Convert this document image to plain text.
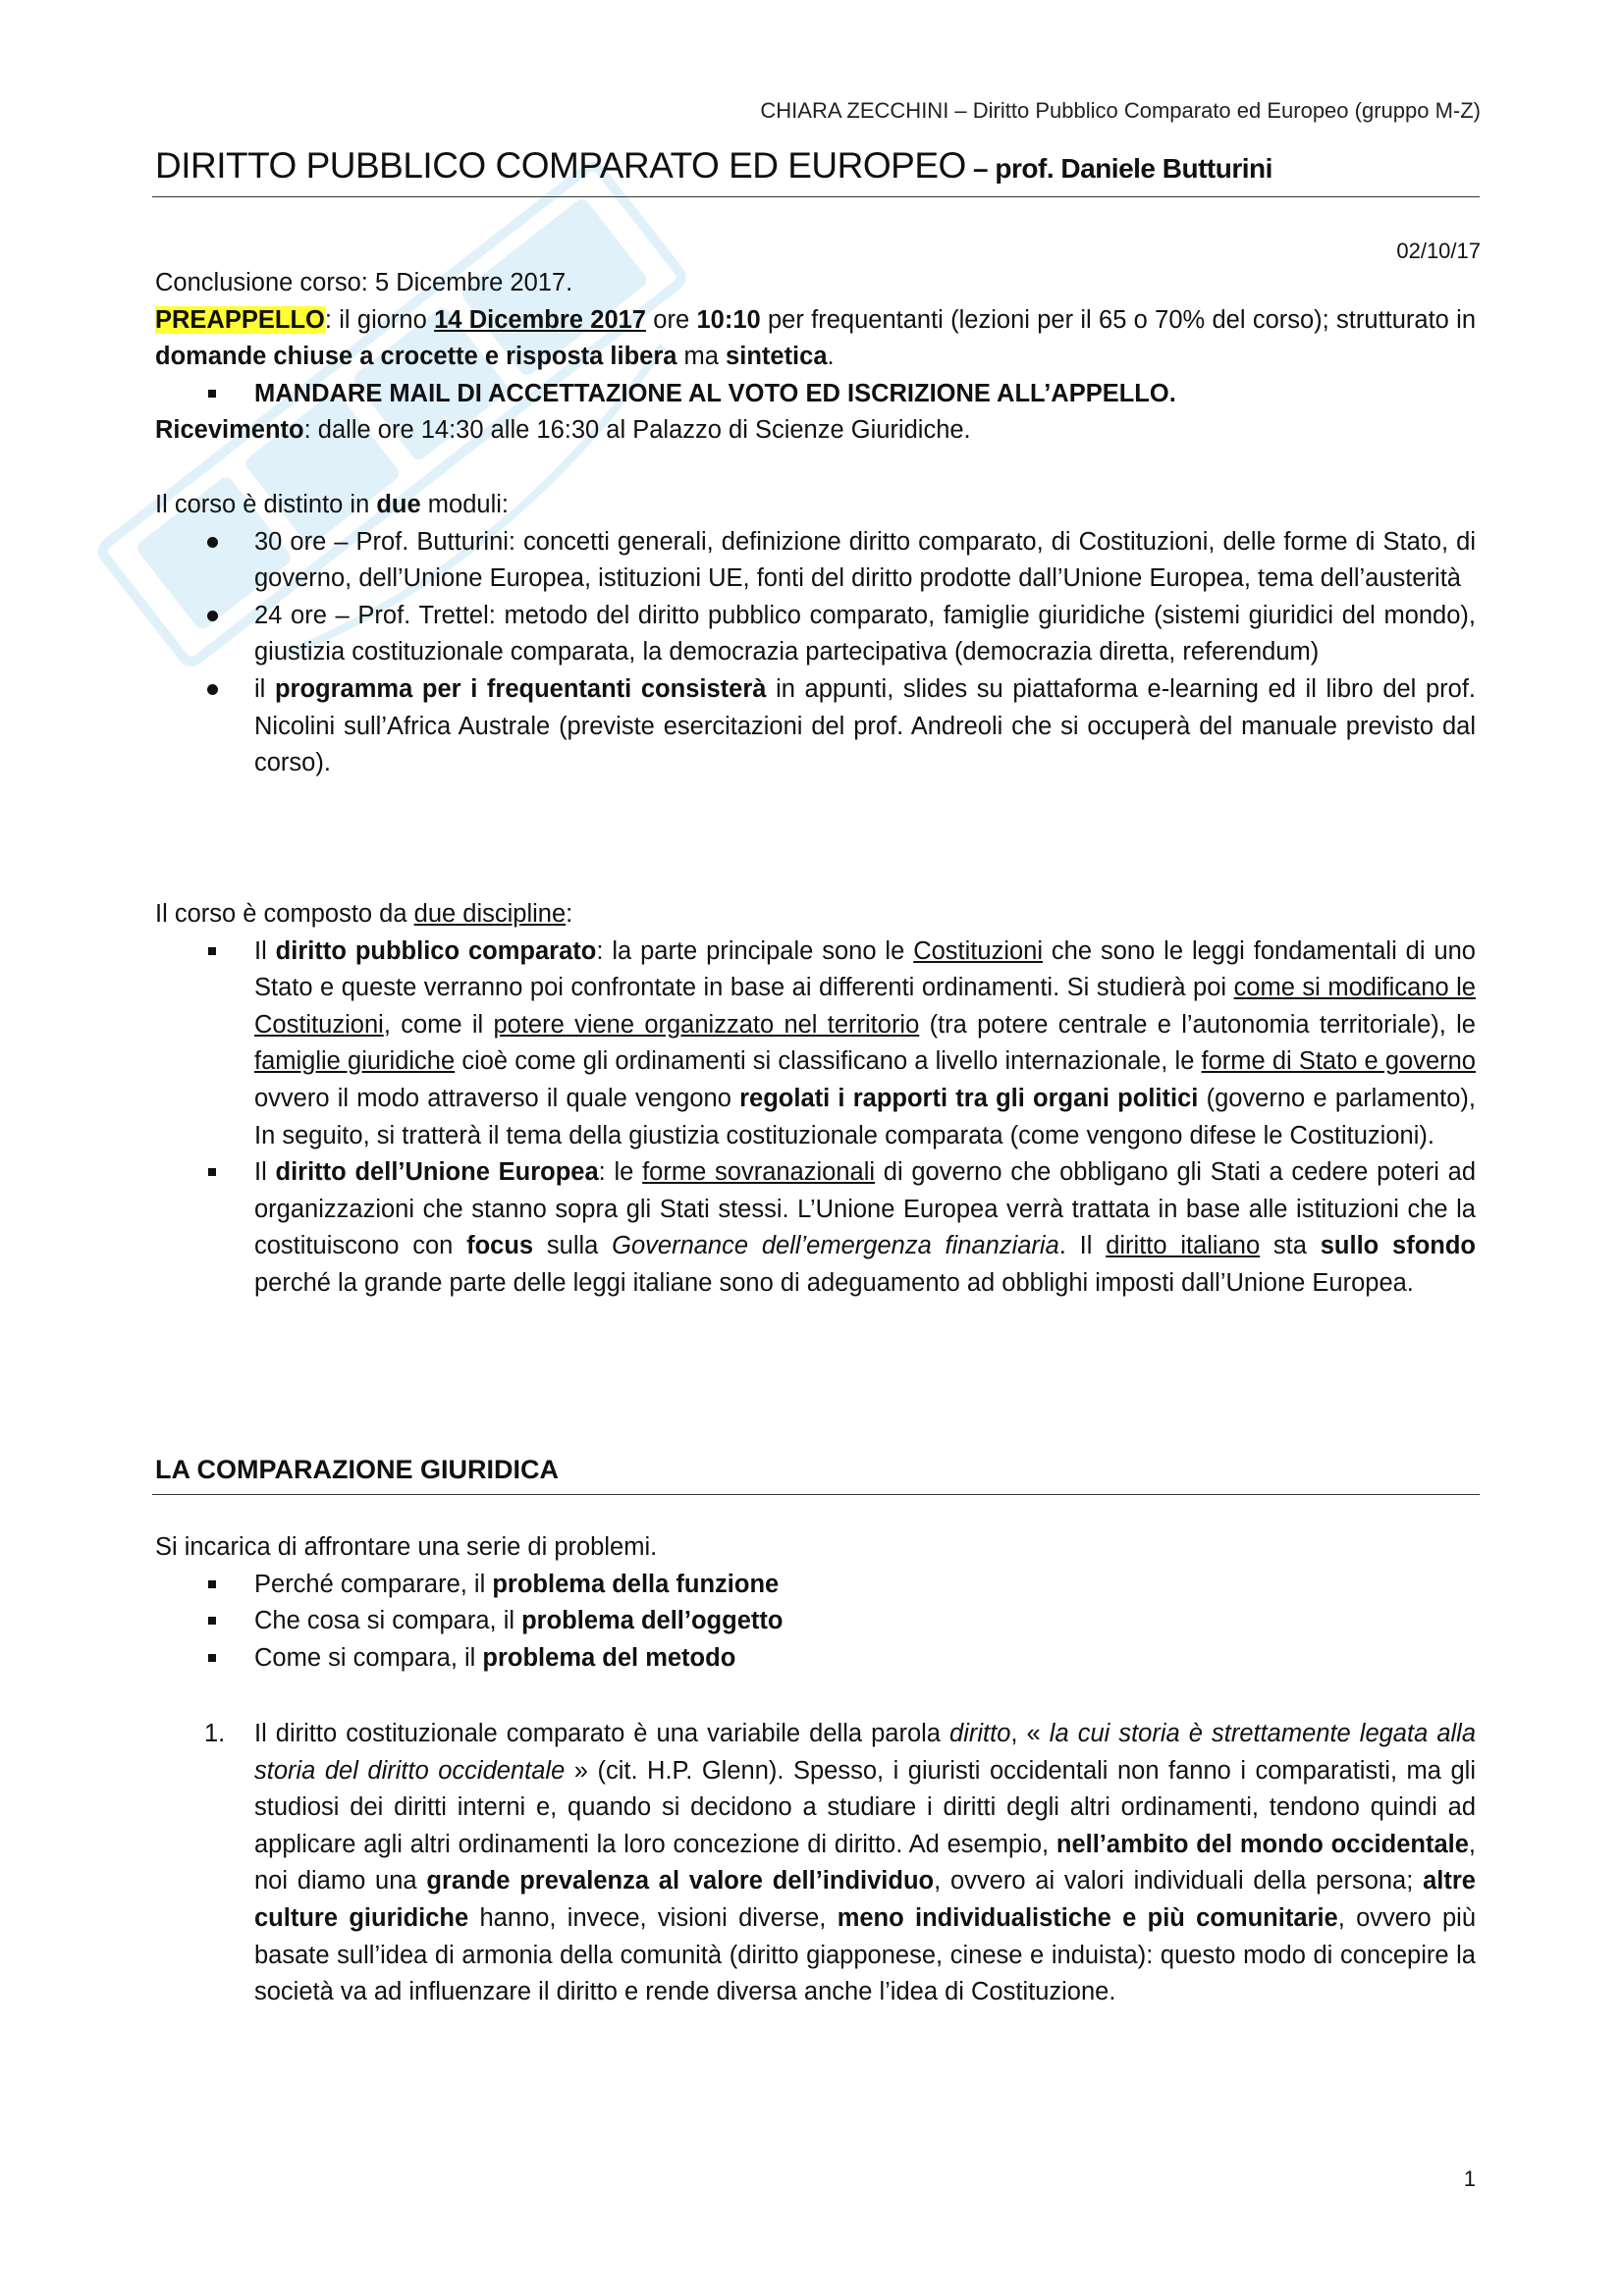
CHIARA ZECCHINI – Diritto Pubblico Comparato ed Europeo (gruppo M-Z)
DIRITTO PUBBLICO COMPARATO ED EUROPEO – prof. Daniele Butturini
02/10/17

Conclusione corso: 5 Dicembre 2017.

PREAPPELLO: il giorno 14 Dicembre 2017 ore 10:10 per frequentanti (lezioni per il 65 o 70% del corso); strutturato in domande chiuse a crocette e risposta libera ma sintetica.

MANDARE MAIL DI ACCETTAZIONE AL VOTO ED ISCRIZIONE ALL’APPELLO.

Ricevimento: dalle ore 14:30 alle 16:30 al Palazzo di Scienze Giuridiche.

Il corso è distinto in due moduli:

30 ore – Prof. Butturini: concetti generali, definizione diritto comparato, di Costituzioni, delle forme di Stato, di governo, dell’Unione Europea, istituzioni UE, fonti del diritto prodotte dall’Unione Europea, tema dell’austerità
24 ore – Prof. Trettel: metodo del diritto pubblico comparato, famiglie giuridiche (sistemi giuridici del mondo), giustizia costituzionale comparata, la democrazia partecipativa (democrazia diretta, referendum)
il programma per i frequentanti consisterà in appunti, slides su piattaforma e-learning ed il libro del prof. Nicolini sull’Africa Australe (previste esercitazioni del prof. Andreoli che si occuperà del manuale previsto dal corso).

Il corso è composto da due discipline:

Il diritto pubblico comparato: la parte principale sono le Costituzioni che sono le leggi fondamentali di uno Stato e queste verranno poi confrontate in base ai differenti ordinamenti. Si studierà poi come si modificano le Costituzioni, come il potere viene organizzato nel territorio (tra potere centrale e l’autonomia territoriale), le famiglie giuridiche cioè come gli ordinamenti si classificano a livello internazionale, le forme di Stato e governo ovvero il modo attraverso il quale vengono regolati i rapporti tra gli organi politici (governo e parlamento), In seguito, si tratterà il tema della giustizia costituzionale comparata (come vengono difese le Costituzioni).
Il diritto dell’Unione Europea: le forme sovranazionali di governo che obbligano gli Stati a cedere poteri ad organizzazioni che stanno sopra gli Stati stessi. L’Unione Europea verrà trattata in base alle istituzioni che la costituiscono con focus sulla Governance dell’emergenza finanziaria. Il diritto italiano sta sullo sfondo perché la grande parte delle leggi italiane sono di adeguamento ad obblighi imposti dall’Unione Europea.
LA COMPARAZIONE GIURIDICA

Si incarica di affrontare una serie di problemi.

Perché comparare, il problema della funzione
Che cosa si compara, il problema dell’oggetto
Come si compara, il problema del metodo
1. Il diritto costituzionale comparato è una variabile della parola diritto, « la cui storia è strettamente legata alla storia del diritto occidentale » (cit. H.P. Glenn). Spesso, i giuristi occidentali non fanno i comparatisti, ma gli studiosi dei diritti interni e, quando si decidono a studiare i diritti degli altri ordinamenti, tendono quindi ad applicare agli altri ordinamenti la loro concezione di diritto. Ad esempio, nell’ambito del mondo occidentale, noi diamo una grande prevalenza al valore dell’individuo, ovvero ai valori individuali della persona; altre culture giuridiche hanno, invece, visioni diverse, meno individualistiche e più comunitarie, ovvero più basate sull’idea di armonia della comunità (diritto giapponese, cinese e induista): questo modo di concepire la società va ad influenzare il diritto e rende diversa anche l’idea di Costituzione.
1
